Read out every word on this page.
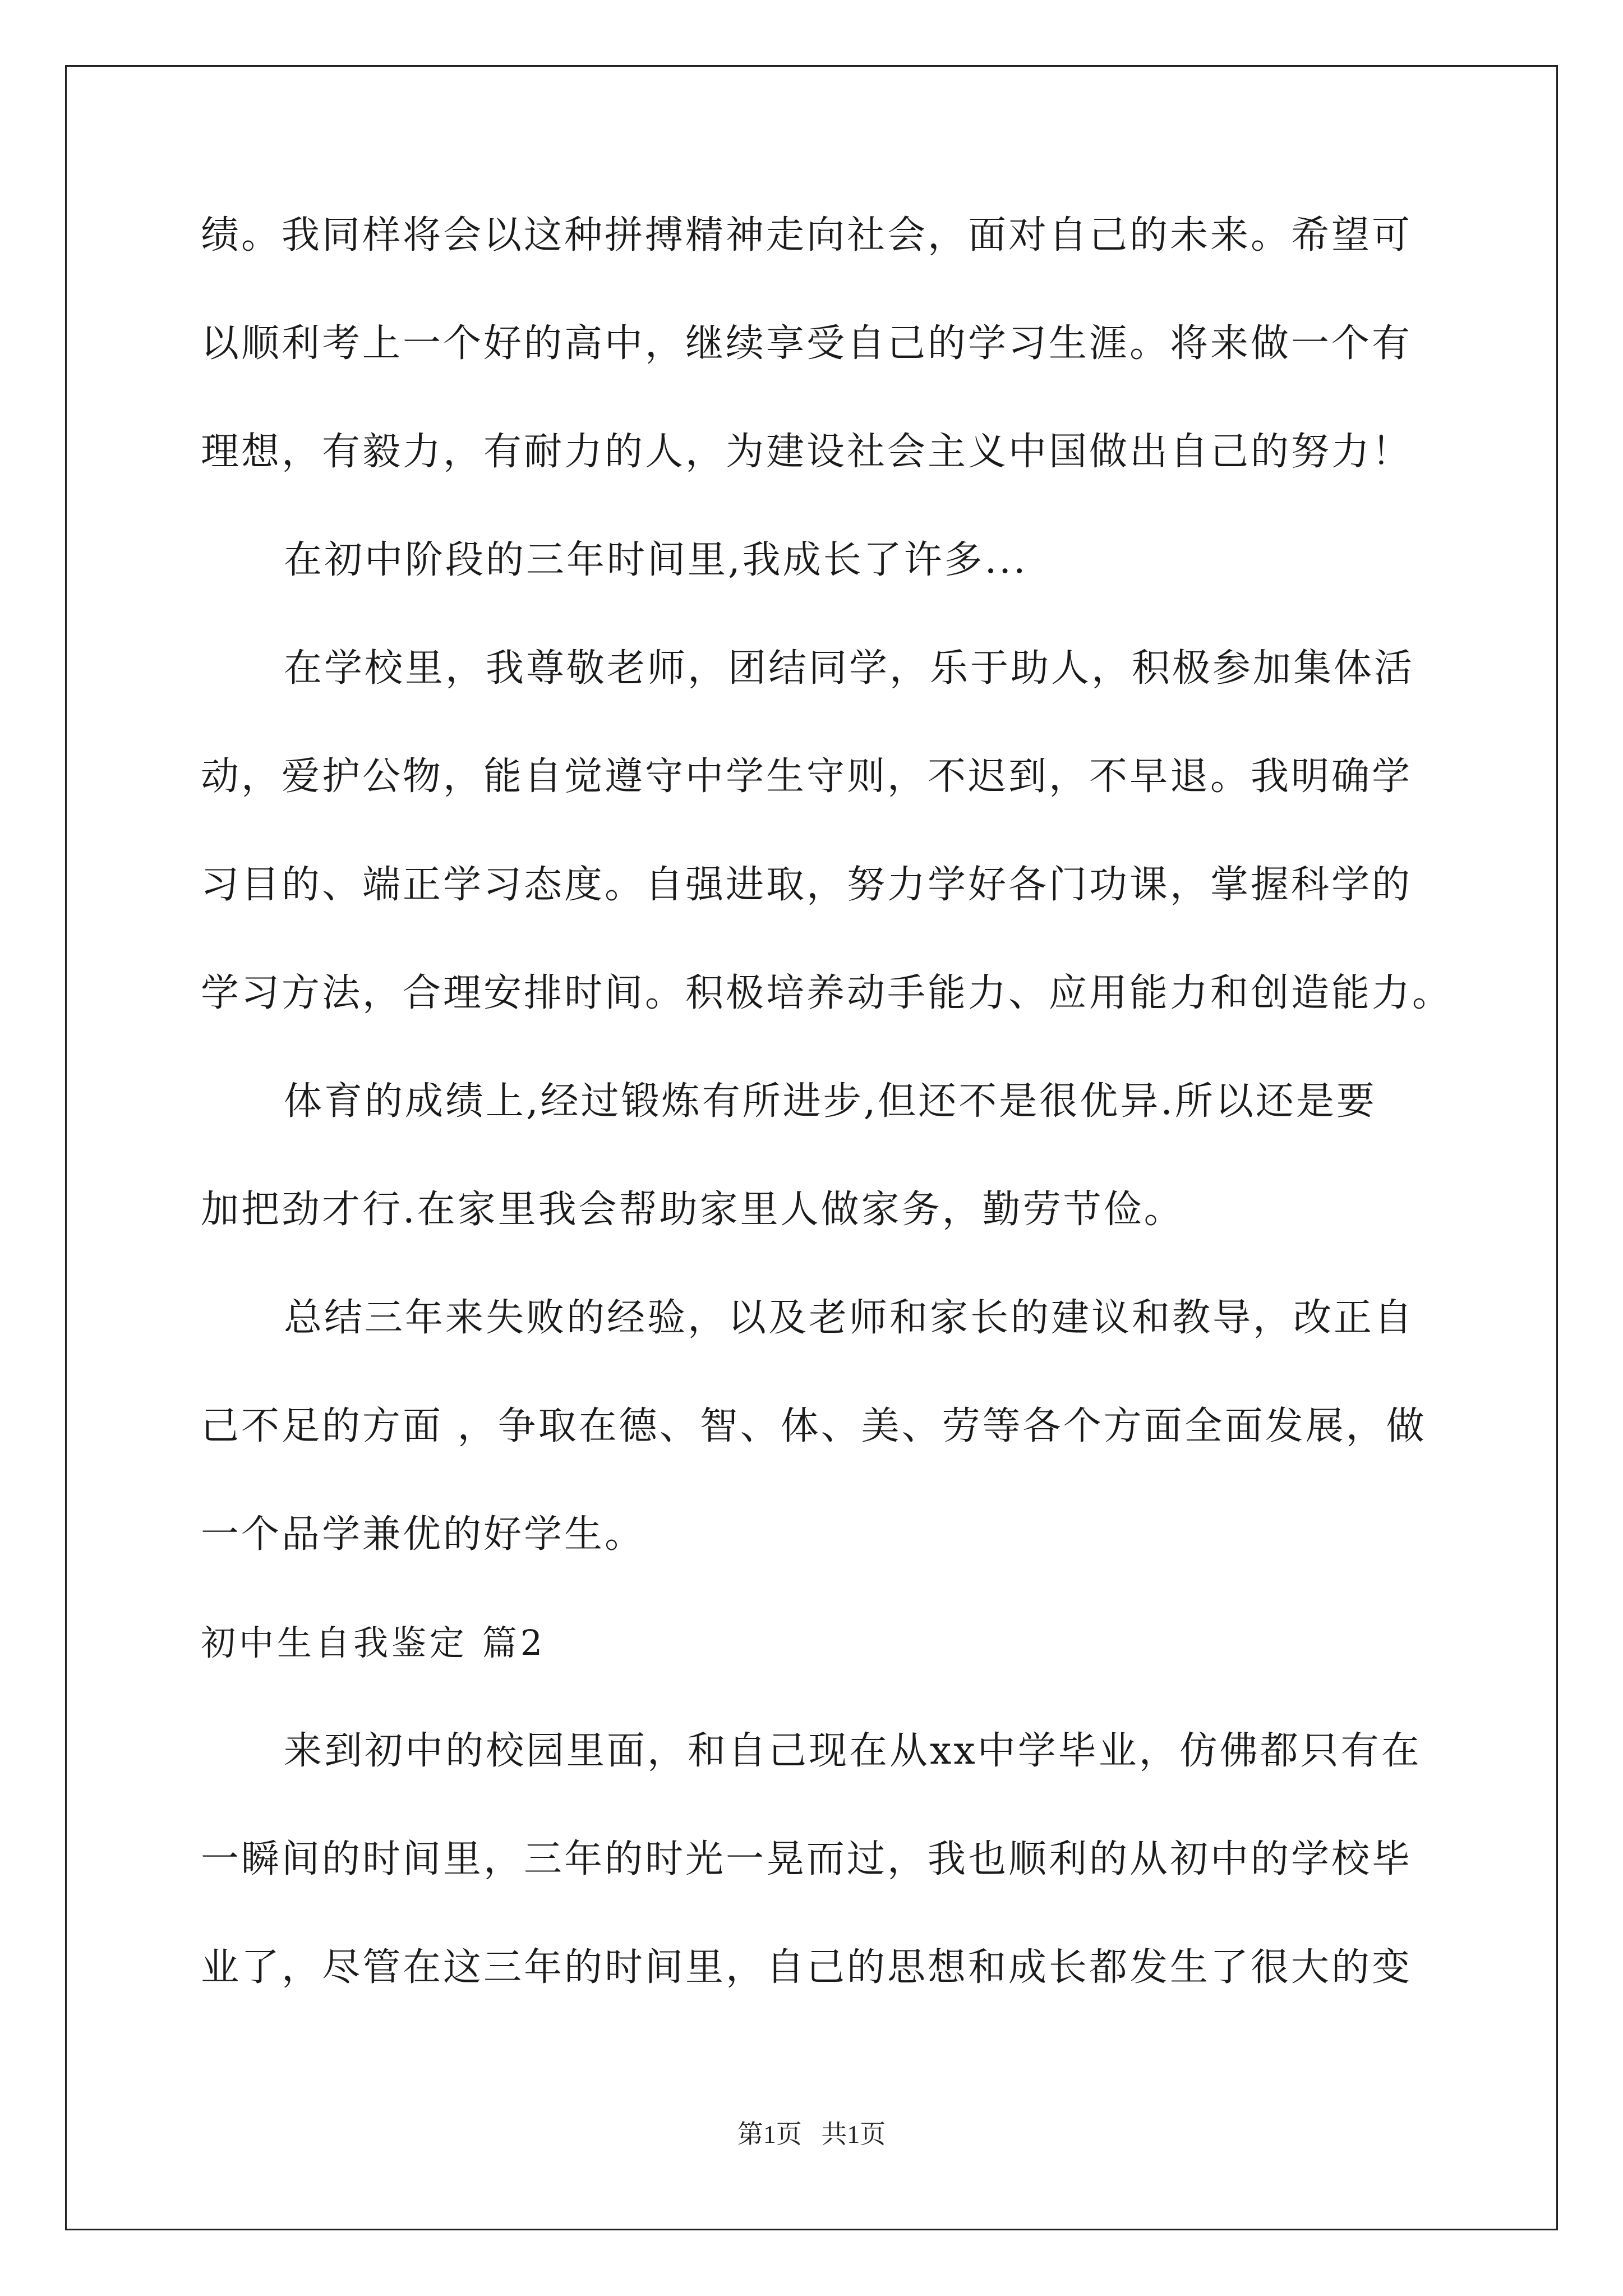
绩。我同样将会以这种拼搏精神走向社会，面对自己的未来。希望可
以顺利考上一个好的高中，继续享受自己的学习生涯。将来做一个有
理想，有毅力，有耐力的人，为建设社会主义中国做出自己的努力！
在初中阶段的三年时间里,我成长了许多...
在学校里，我尊敬老师，团结同学，乐于助人，积极参加集体活
动，爱护公物，能自觉遵守中学生守则，不迟到，不早退。我明确学
习目的、端正学习态度。自强进取，努力学好各门功课，掌握科学的
学习方法，合理安排时间。积极培养动手能力、应用能力和创造能力。
体育的成绩上,经过锻炼有所进步,但还不是很优异.所以还是要
加把劲才行.在家里我会帮助家里人做家务，勤劳节俭。
总结三年来失败的经验，以及老师和家长的建议和教导，改正自
己不足的方面 ，争取在德、智、体、美、劳等各个方面全面发展，做
一个品学兼优的好学生。
初中生自我鉴定 篇2
来到初中的校园里面，和自己现在从xx中学毕业，仿佛都只有在
一瞬间的时间里，三年的时光一晃而过，我也顺利的从初中的学校毕
业了，尽管在这三年的时间里，自己的思想和成长都发生了很大的变
第1页   共1页
